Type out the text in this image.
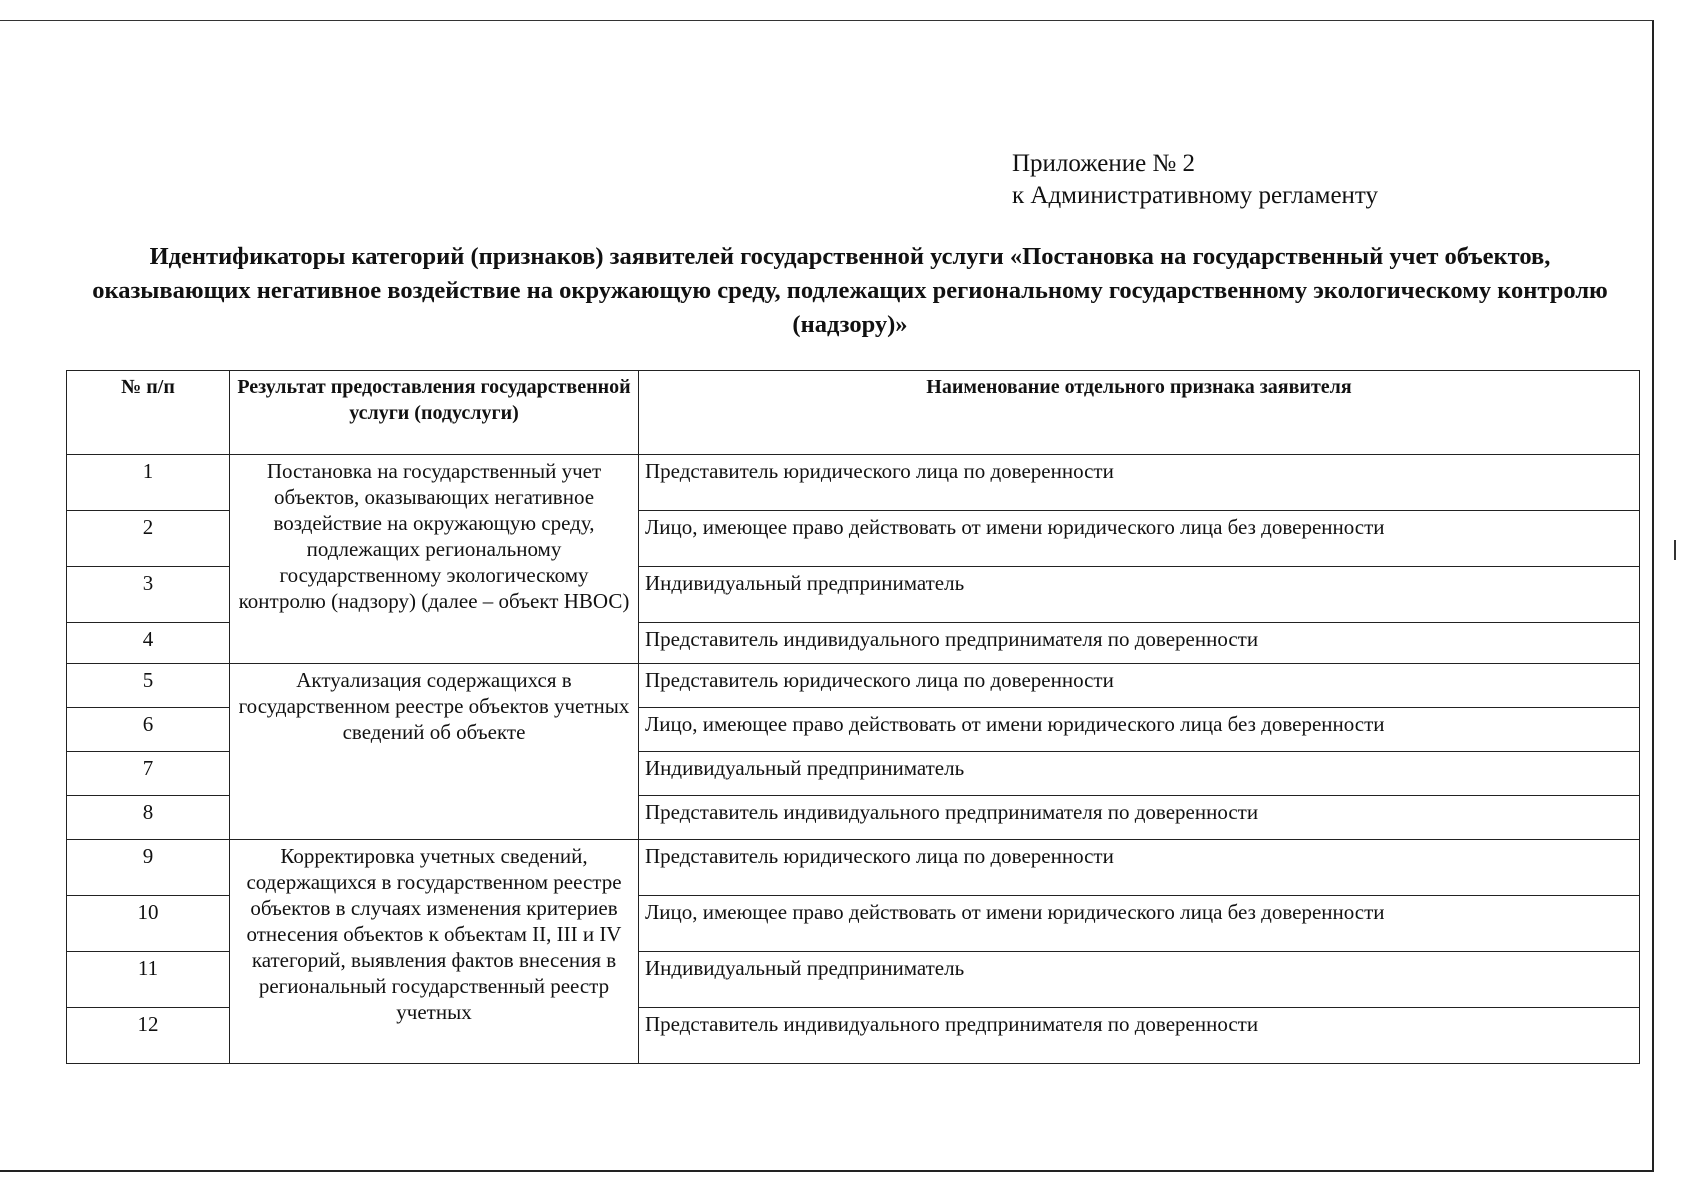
Приложение № 2
к Административному регламенту
Идентификаторы категорий (признаков) заявителей государственной услуги «Постановка на государственный учет объектов, оказывающих негативное воздействие на окружающую среду, подлежащих региональному государственному экологическому контролю (надзору)»
№ п/п	Результат предоставления государственной услуги (подуслуги)	Наименование отдельного признака заявителя
1	Постановка на государственный учет объектов, оказывающих негативное воздействие на окружающую среду, подлежащих региональному государственному экологическому контролю (надзору) (далее – объект НВОС)	Представитель юридического лица по доверенности
2		Лицо, имеющее право действовать от имени юридического лица без доверенности
3		Индивидуальный предприниматель
4		Представитель индивидуального предпринимателя по доверенности
5	Актуализация содержащихся в государственном реестре объектов учетных сведений об объекте	Представитель юридического лица по доверенности
6		Лицо, имеющее право действовать от имени юридического лица без доверенности
7		Индивидуальный предприниматель
8		Представитель индивидуального предпринимателя по доверенности
9	Корректировка учетных сведений, содержащихся в государственном реестре объектов в случаях изменения критериев отнесения объектов к объектам II, III и IV категорий, выявления фактов внесения в региональный государственный реестр учетных	Представитель юридического лица по доверенности
10		Лицо, имеющее право действовать от имени юридического лица без доверенности
11		Индивидуальный предприниматель
12		Представитель индивидуального предпринимателя по доверенности
